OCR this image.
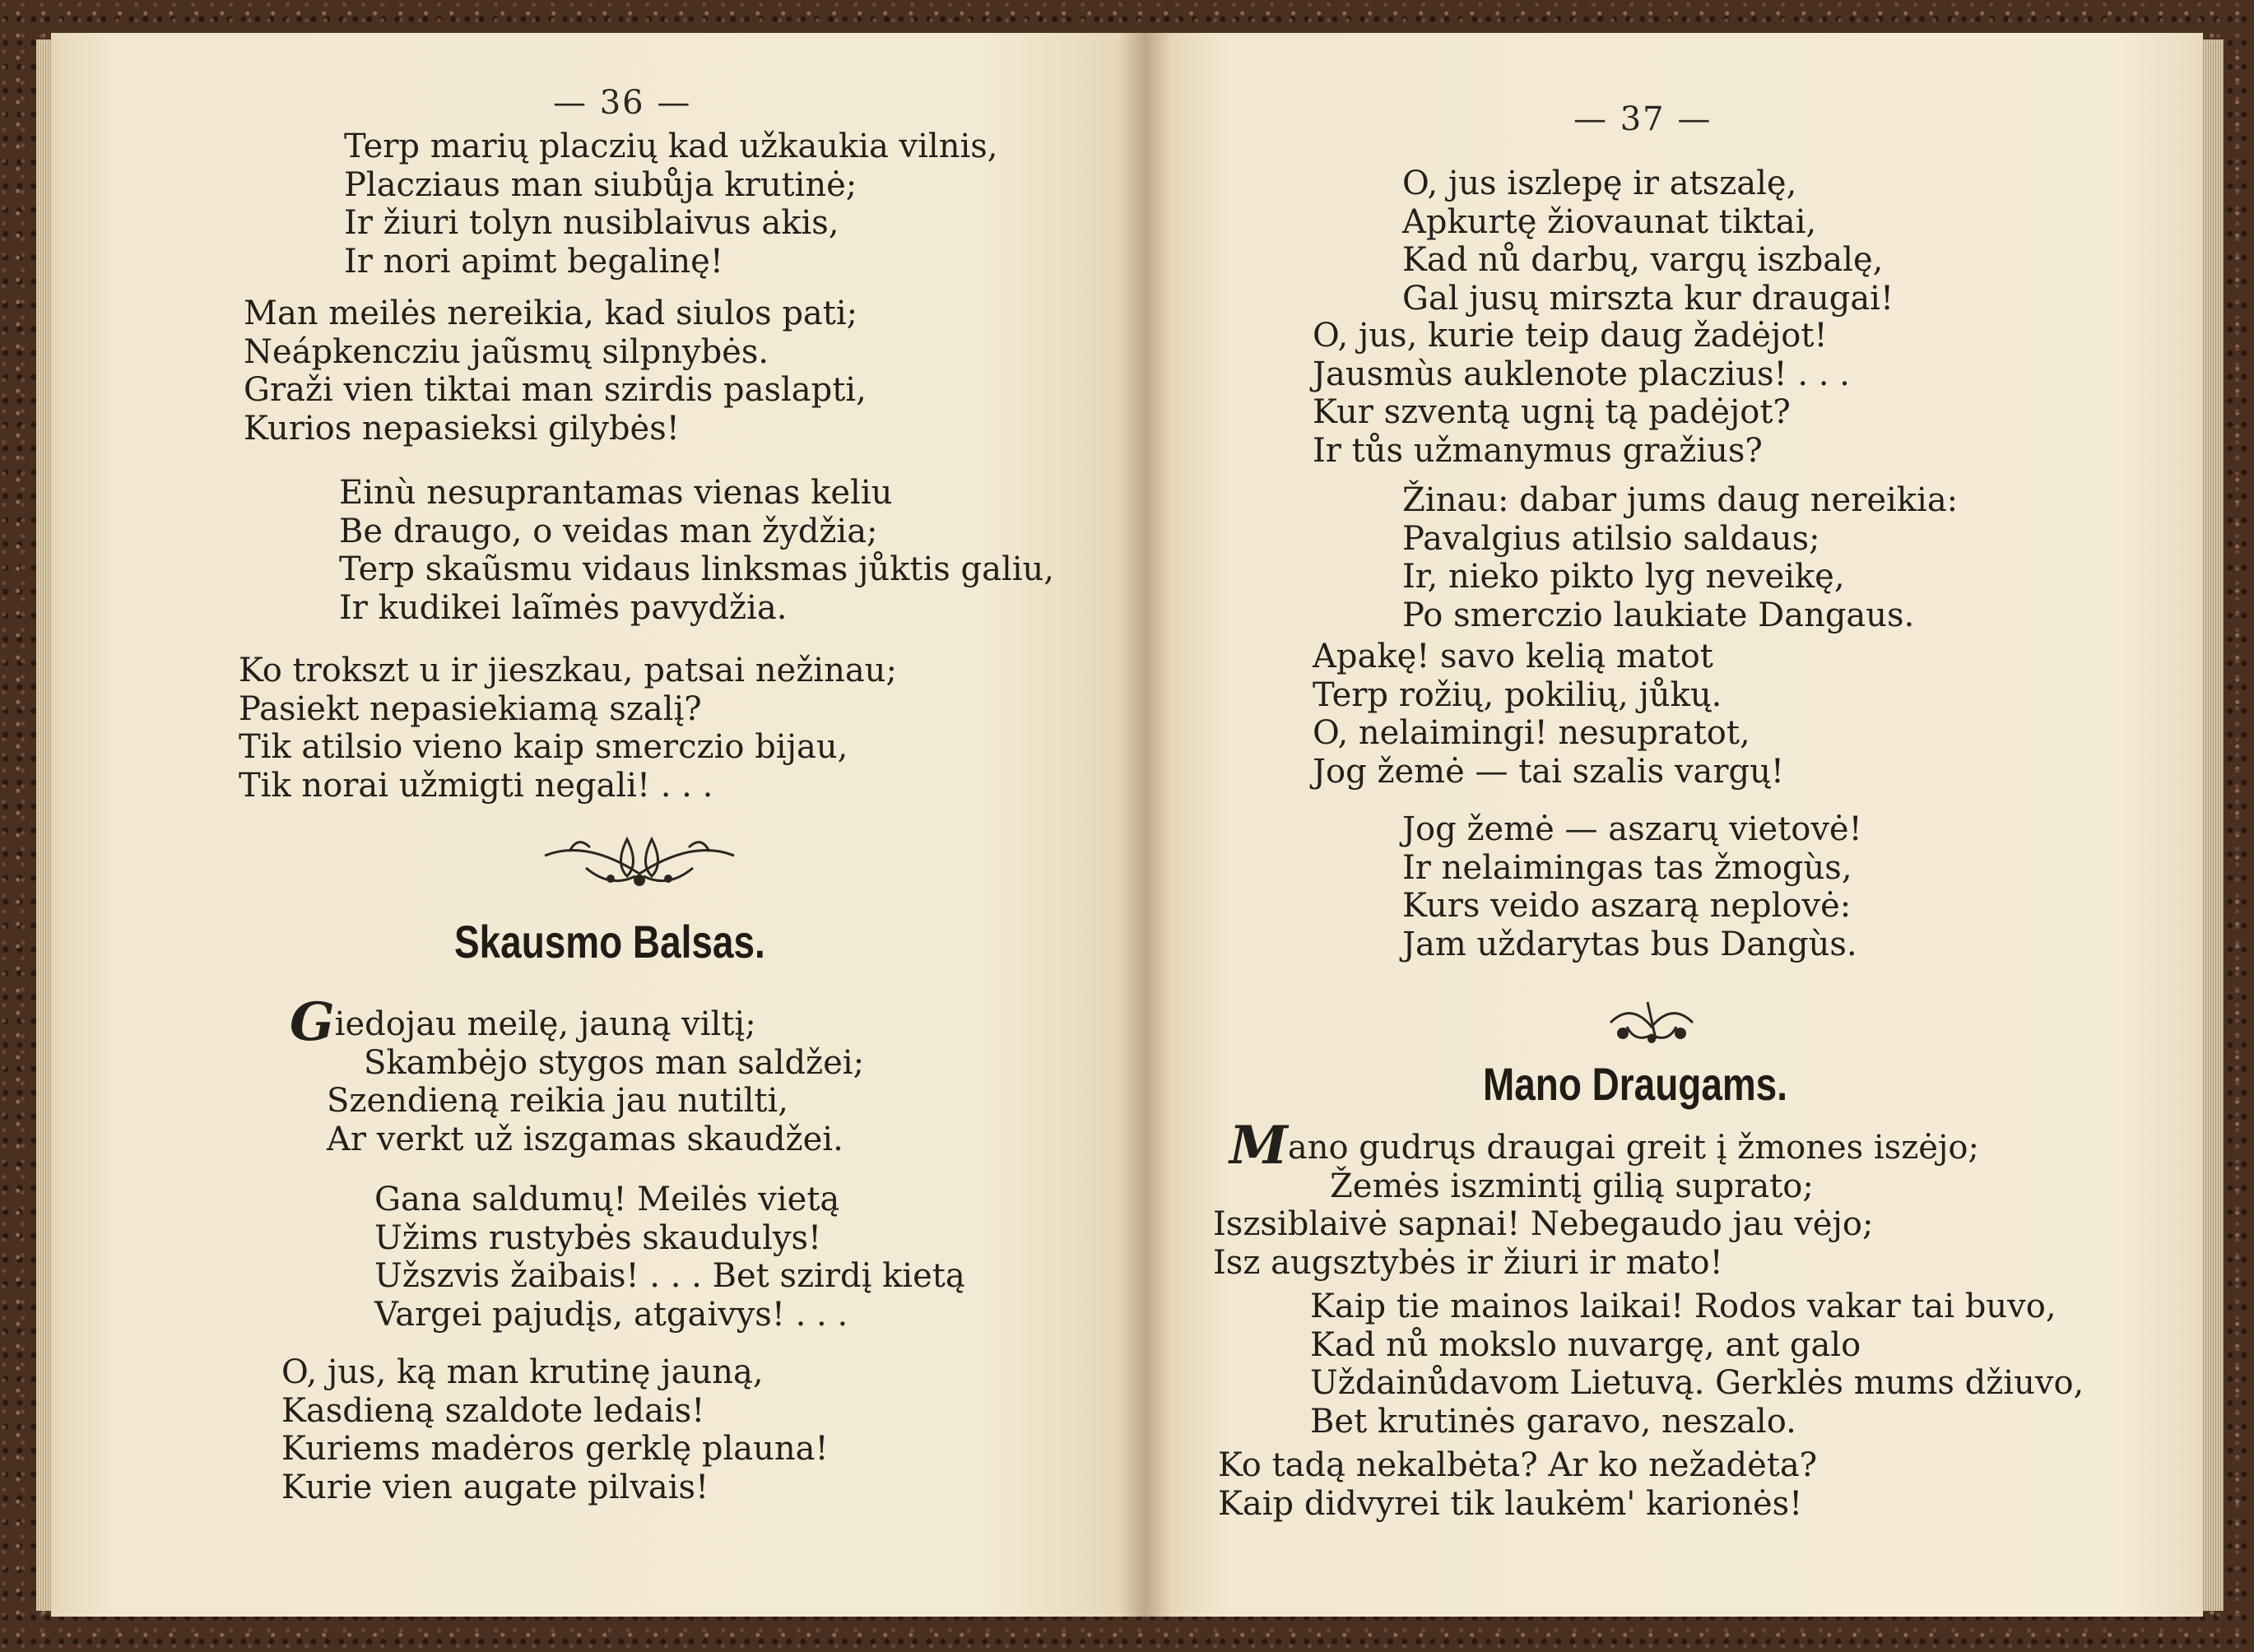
— 36 —
Terp marių placzių kad užkaukia vilnis,
Placziaus man siubůja krutinė;
Ir žiuri tolyn nusiblaivus akis,
Ir nori apimt begalinę!
Man meilės nereikia, kad siulos pati;
Neápkencziu jaũsmų silpnybės.
Graži vien tiktai man szirdis paslapti,
Kurios nepasieksi gilybės!
Einù nesuprantamas vienas keliu
Be draugo, o veidas man žydžia;
Terp skaũsmu vidaus linksmas jůktis galiu,
Ir kudikei laĩmės pavydžia.
Ko trokszt u ir jieszkau, patsai nežinau;
Pasiekt nepasiekiamą szalį?
Tik atilsio vieno kaip smerczio bijau,
Tik norai užmigti negali! . . .
Skausmo Balsas.
Giedojau meilę, jauną viltį;
Skambėjo stygos man saldžei;
Szendieną reikia jau nutilti,
Ar verkt už iszgamas skaudžei.
Gana saldumų! Meilės vietą
Užims rustybės skaudulys!
Užszvis žaibais! . . . Bet szirdį kietą
Vargei pajudįs, atgaivys! . . .
O, jus, ką man krutinę jauną,
Kasdieną szaldote ledais!
Kuriems madėros gerklę plauna!
Kurie vien augate pilvais!
— 37 —
O, jus iszlepę ir atszalę,
Apkurtę žiovaunat tiktai,
Kad nů darbų, vargų iszbalę,
Gal jusų mirszta kur draugai!
O, jus, kurie teip daug žadėjot!
Jausmùs auklenote placzius! . . .
Kur szventą ugnį tą padėjot?
Ir tůs užmanymus gražius?
Žinau: dabar jums daug nereikia:
Pavalgius atilsio saldaus;
Ir, nieko pikto lyg neveikę,
Po smerczio laukiate Dangaus.
Apakę! savo kelią matot
Terp rožių, pokilių, jůkų.
O, nelaimingi! nesupratot,
Jog žemė — tai szalis vargų!
Jog žemė — aszarų vietovė!
Ir nelaimingas tas žmogùs,
Kurs veido aszarą neplovė:
Jam uždarytas bus Dangùs.
Mano Draugams.
Mano gudrųs draugai greit į žmones iszėjo;
Žemės iszmintį gilią suprato;
Iszsiblaivė sapnai! Nebegaudo jau vėjo;
Isz augsztybės ir žiuri ir mato!
Kaip tie mainos laikai! Rodos vakar tai buvo,
Kad nů mokslo nuvargę, ant galo
Uždainůdavom Lietuvą. Gerklės mums džiuvo,
Bet krutinės garavo, neszalo.
Ko tadą nekalbėta? Ar ko nežadėta?
Kaip didvyrei tik laukėm' karionės!
